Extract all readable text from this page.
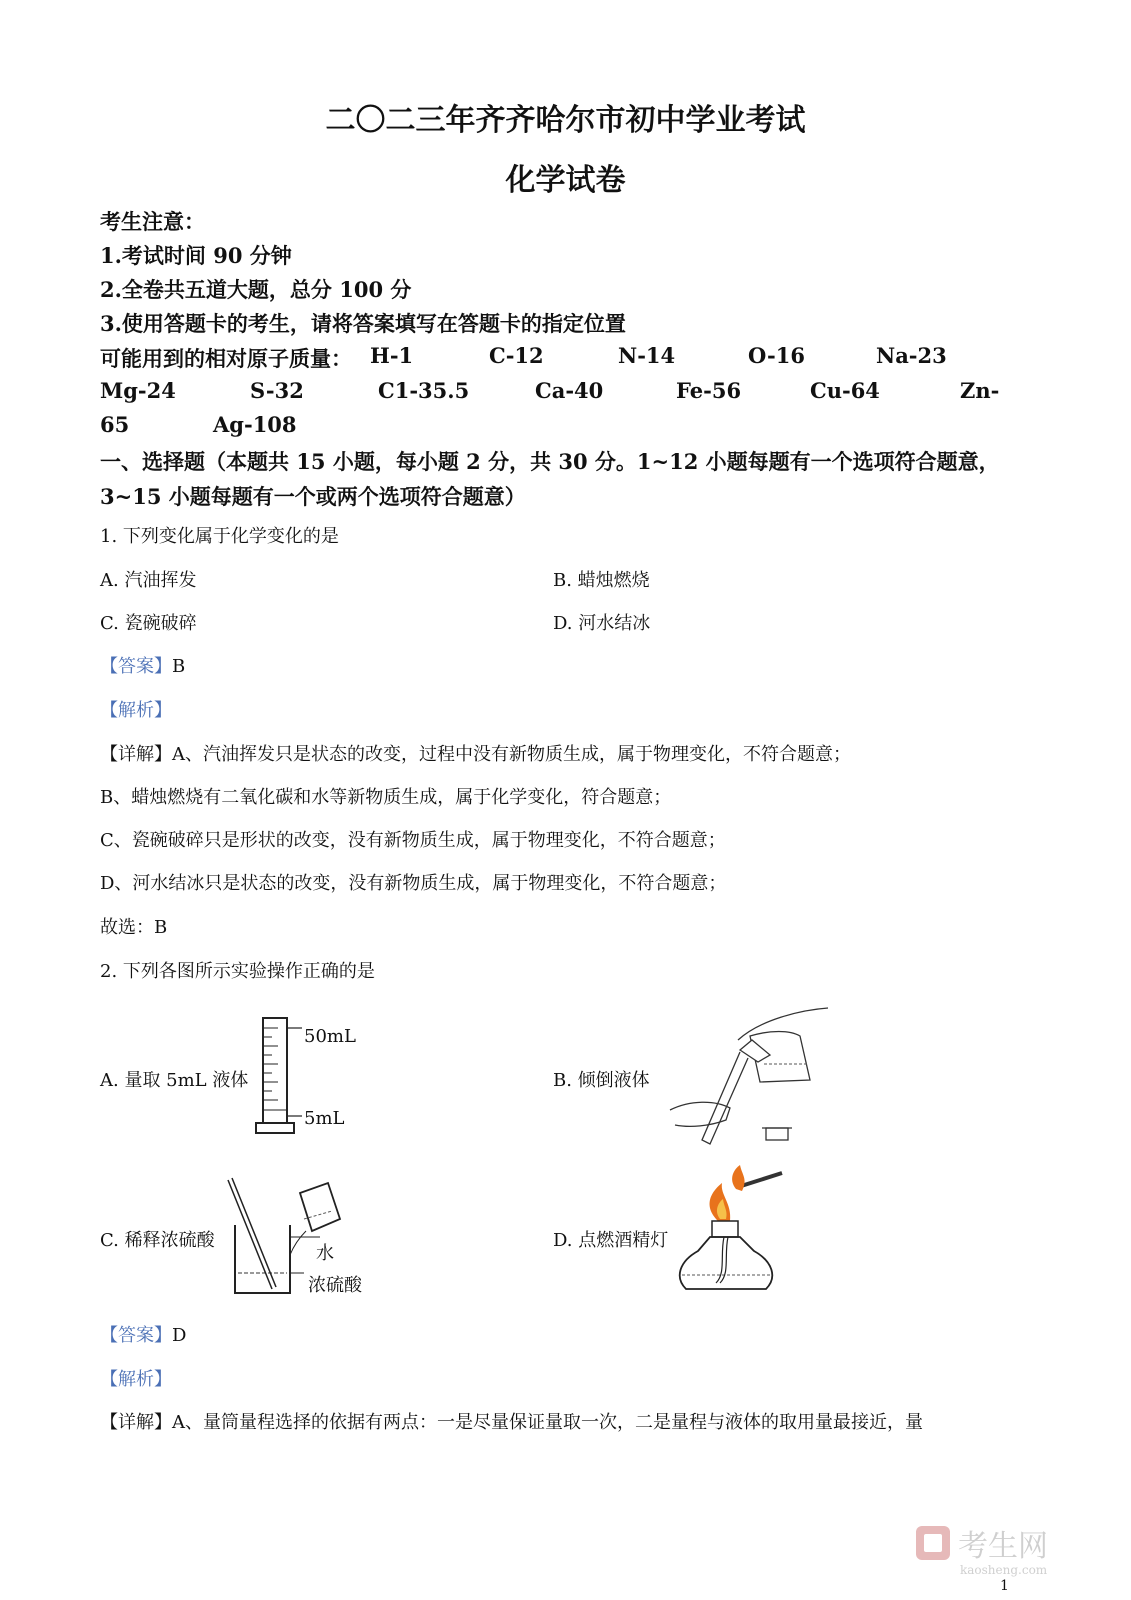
二〇二三年齐齐哈尔市初中学业考试
化学试卷
考生注意：
1.考试时间 90 分钟
2.全卷共五道大题，总分 100 分
3.使用答题卡的考生，请将答案填写在答题卡的指定位置
可能用到的相对原子质量： H-1	C-12	N-14	O-16	Na-23
Mg-24	S-32	C1-35.5	Ca-40	Fe-56	Cu-64	Zn-
65	Ag-108
一、选择题（本题共 15 小题，每小题 2 分，共 30 分。1~12 小题每题有一个选项符合题意，
3~15 小题每题有一个或两个选项符合题意）
1. 下列变化属于化学变化的是
A. 汽油挥发	B. 蜡烛燃烧
C. 瓷碗破碎	D. 河水结冰
【答案】B
【解析】
【详解】A、汽油挥发只是状态的改变，过程中没有新物质生成，属于物理变化，不符合题意；
B、蜡烛燃烧有二氧化碳和水等新物质生成，属于化学变化，符合题意；
C、瓷碗破碎只是形状的改变，没有新物质生成，属于物理变化，不符合题意；
D、河水结冰只是状态的改变，没有新物质生成，属于物理变化，不符合题意；
故选：B
2. 下列各图所示实验操作正确的是
A. 量取 5mL 液体	B. 倾倒液体
C. 稀释浓硫酸	D. 点燃酒精灯
50mL
5mL
水
浓硫酸
【答案】D
【解析】
【详解】A、量筒量程选择的依据有两点：一是尽量保证量取一次，二是量程与液体的取用量最接近，量
考生网
kaosheng.com
1
